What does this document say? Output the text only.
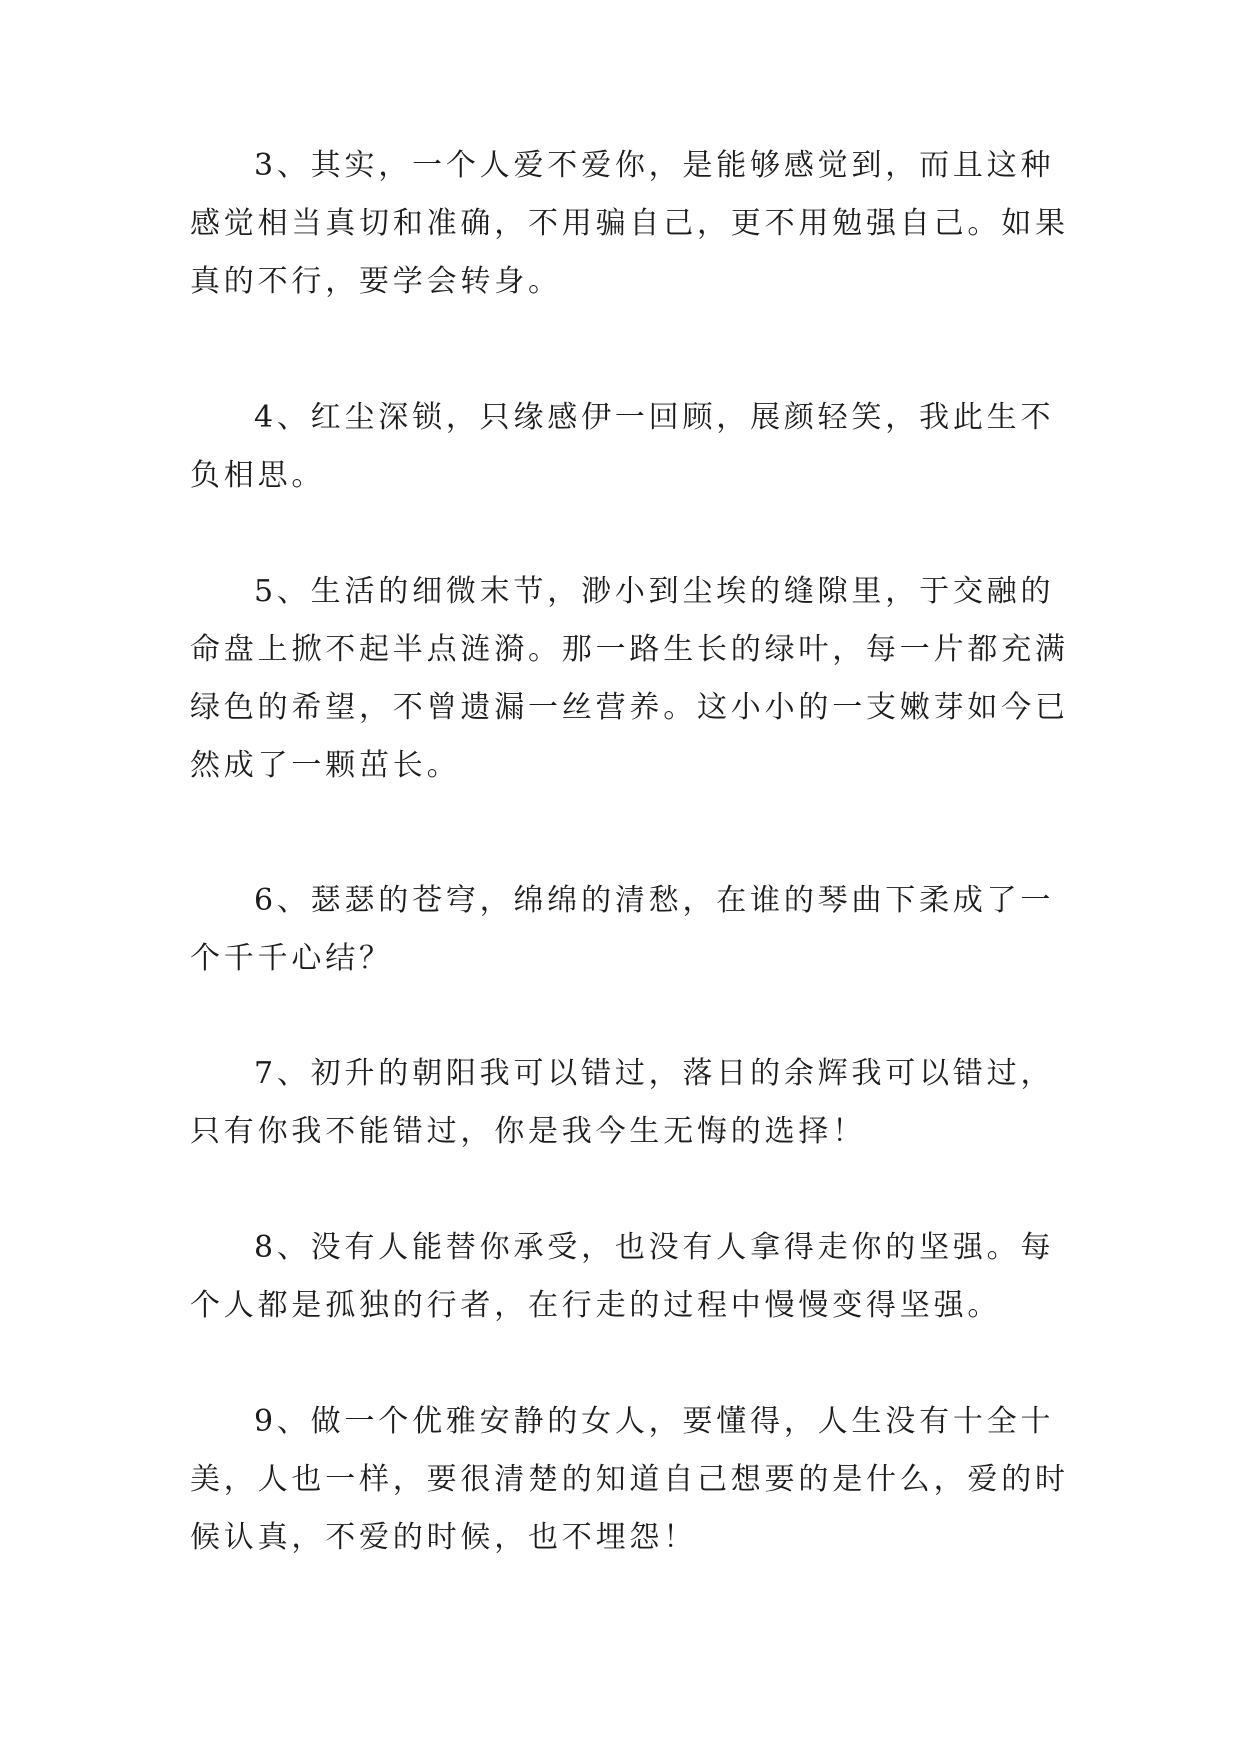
3、其实，一个人爱不爱你，是能够感觉到，而且这种
感觉相当真切和准确，不用骗自己，更不用勉强自己。如果
真的不行，要学会转身。

4、红尘深锁，只缘感伊一回顾，展颜轻笑，我此生不
负相思。

5、生活的细微末节，渺小到尘埃的缝隙里，于交融的
命盘上掀不起半点涟漪。那一路生长的绿叶，每一片都充满
绿色的希望，不曾遗漏一丝营养。这小小的一支嫩芽如今已
然成了一颗茁长。

6、瑟瑟的苍穹，绵绵的清愁，在谁的琴曲下柔成了一
个千千心结？

7、初升的朝阳我可以错过，落日的余辉我可以错过，
只有你我不能错过，你是我今生无悔的选择！

8、没有人能替你承受，也没有人拿得走你的坚强。每
个人都是孤独的行者，在行走的过程中慢慢变得坚强。

9、做一个优雅安静的女人，要懂得，人生没有十全十
美，人也一样，要很清楚的知道自己想要的是什么，爱的时
候认真，不爱的时候，也不埋怨！
